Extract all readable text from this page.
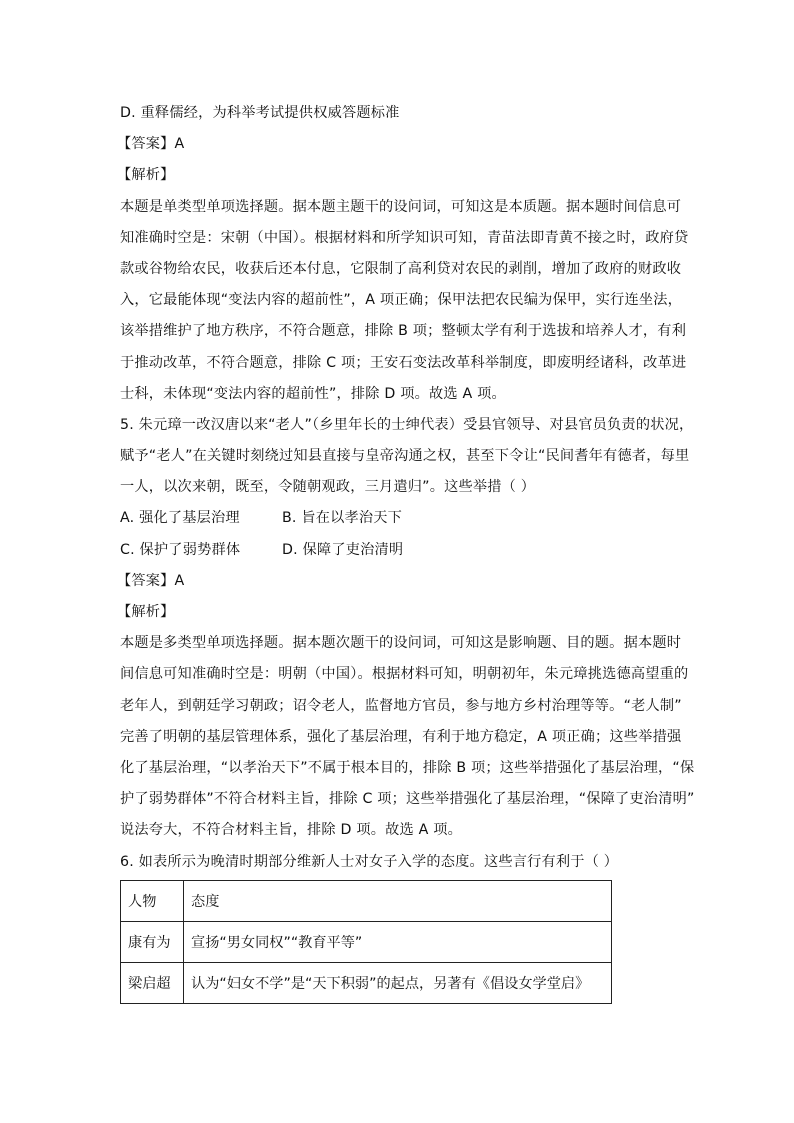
D. 重释儒经，为科举考试提供权威答题标准
【答案】A
【解析】
本题是单类型单项选择题。据本题主题干的设问词，可知这是本质题。据本题时间信息可
知准确时空是：宋朝（中国）。根据材料和所学知识可知，青苗法即青黄不接之时，政府贷
款或谷物给农民，收获后还本付息，它限制了高利贷对农民的剥削，增加了政府的财政收
入，它最能体现“变法内容的超前性”，A 项正确；保甲法把农民编为保甲，实行连坐法，
该举措维护了地方秩序，不符合题意，排除 B 项；整顿太学有利于选拔和培养人才，有利
于推动改革，不符合题意，排除 C 项；王安石变法改革科举制度，即废明经诸科，改革进
士科，未体现“变法内容的超前性”，排除 D 项。故选 A 项。
5. 朱元璋一改汉唐以来“老人”（乡里年长的士绅代表）受县官领导、对县官员负责的状况，
赋予“老人”在关键时刻绕过知县直接与皇帝沟通之权，甚至下令让“民间耆年有德者，每里
一人，以次来朝，既至，令随朝观政，三月遣归”。这些举措（ ）
A. 强化了基层治理	B. 旨在以孝治天下
C. 保护了弱势群体	D. 保障了吏治清明
【答案】A
【解析】
本题是多类型单项选择题。据本题次题干的设问词，可知这是影响题、目的题。据本题时
间信息可知准确时空是：明朝（中国）。根据材料可知，明朝初年，朱元璋挑选德高望重的
老年人，到朝廷学习朝政；诏令老人，监督地方官员，参与地方乡村治理等等。“老人制”
完善了明朝的基层管理体系，强化了基层治理，有利于地方稳定，A 项正确；这些举措强
化了基层治理，“以孝治天下”不属于根本目的，排除 B 项；这些举措强化了基层治理，“保
护了弱势群体”不符合材料主旨，排除 C 项；这些举措强化了基层治理，“保障了吏治清明”
说法夸大，不符合材料主旨，排除 D 项。故选 A 项。
6. 如表所示为晚清时期部分维新人士对女子入学的态度。这些言行有利于（ ）
人物	态度
康有为	宣扬“男女同权”“教育平等”
梁启超	认为“妇女不学”是“天下积弱”的起点，另著有《倡设女学堂启》
